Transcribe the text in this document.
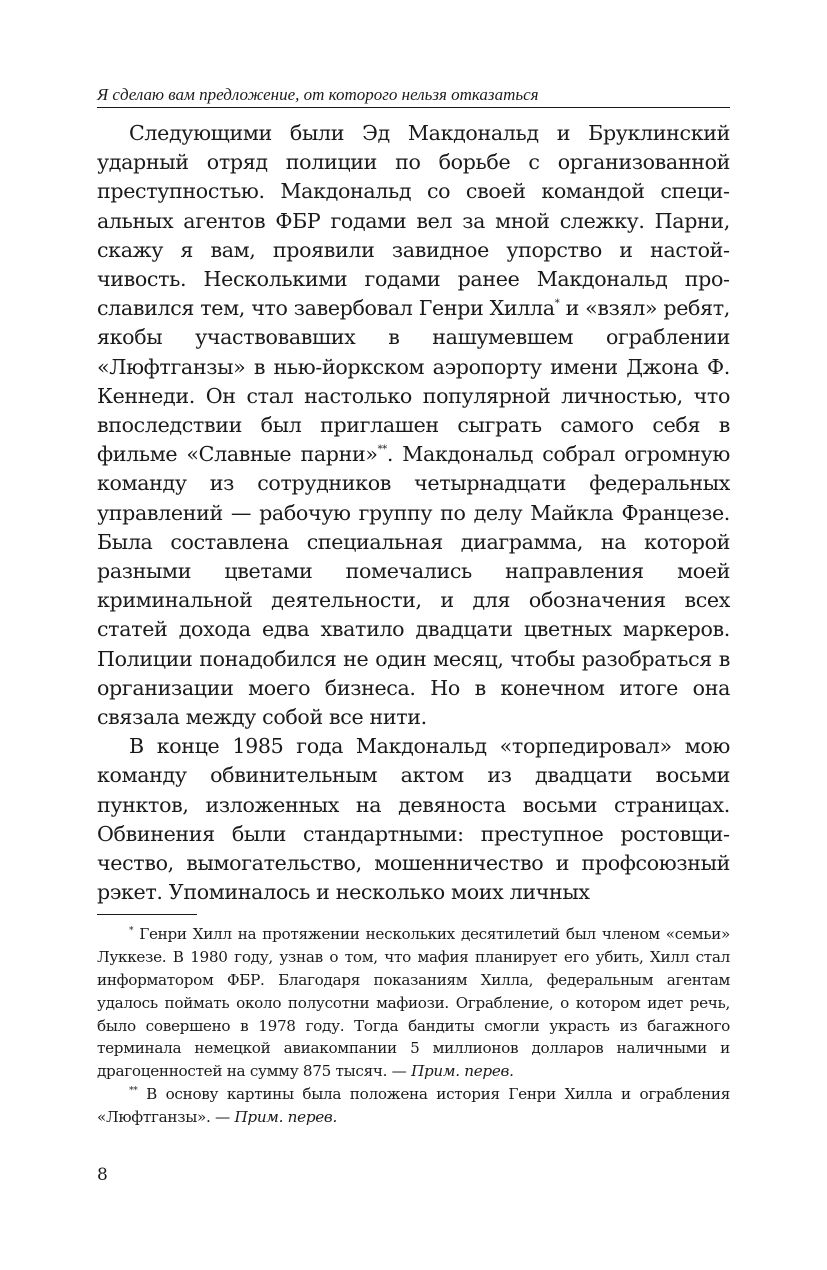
Я сделаю вам предложение, от которого нельзя отказаться

Следующими были Эд Макдональд и Бруклинский ударный отряд полиции по борьбе с организованной преступностью. Макдональд со своей командой специальных агентов ФБР годами вел за мной слежку. Парни, скажу я вам, проявили завидное упорство и настойчивость. Несколькими годами ранее Макдональд прославился тем, что завербовал Генри Хилла* и «взял» ребят, якобы участвовавших в нашумевшем ограблении «Люфтганзы» в нью-йоркском аэропорту имени Джона Ф. Кеннеди. Он стал настолько популярной личностью, что впоследствии был приглашен сыграть самого себя в фильме «Славные парни»**. Макдональд собрал огромную команду из сотрудников четырнадцати федеральных управлений — рабочую группу по делу Майкла Францезе. Была составлена специальная диаграмма, на которой разными цветами помечались направления моей криминальной деятельности, и для обозначения всех статей дохода едва хватило двадцати цветных маркеров. Полиции понадобился не один месяц, чтобы разобраться в организации моего бизнеса. Но в конечном итоге она связала между собой все нити.

В конце 1985 года Макдональд «торпедировал» мою команду обвинительным актом из двадцати восьми пунктов, изложенных на девяноста восьми страницах. Обвинения были стандартными: преступное ростовщичество, вымогательство, мошенничество и профсоюзный рэкет. Упоминалось и несколько моих личных

* Генри Хилл на протяжении нескольких десятилетий был членом «семьи» Луккезе. В 1980 году, узнав о том, что мафия планирует его убить, Хилл стал информатором ФБР. Благодаря показаниям Хилла, федеральным агентам удалось поймать около полусотни мафиози. Ограбление, о котором идет речь, было совершено в 1978 году. Тогда бандиты смогли украсть из багажного терминала немецкой авиакомпании 5 миллионов долларов наличными и драгоценностей на сумму 875 тысяч. — Прим. перев.

** В основу картины была положена история Генри Хилла и ограбления «Люфтганзы». — Прим. перев.

8
